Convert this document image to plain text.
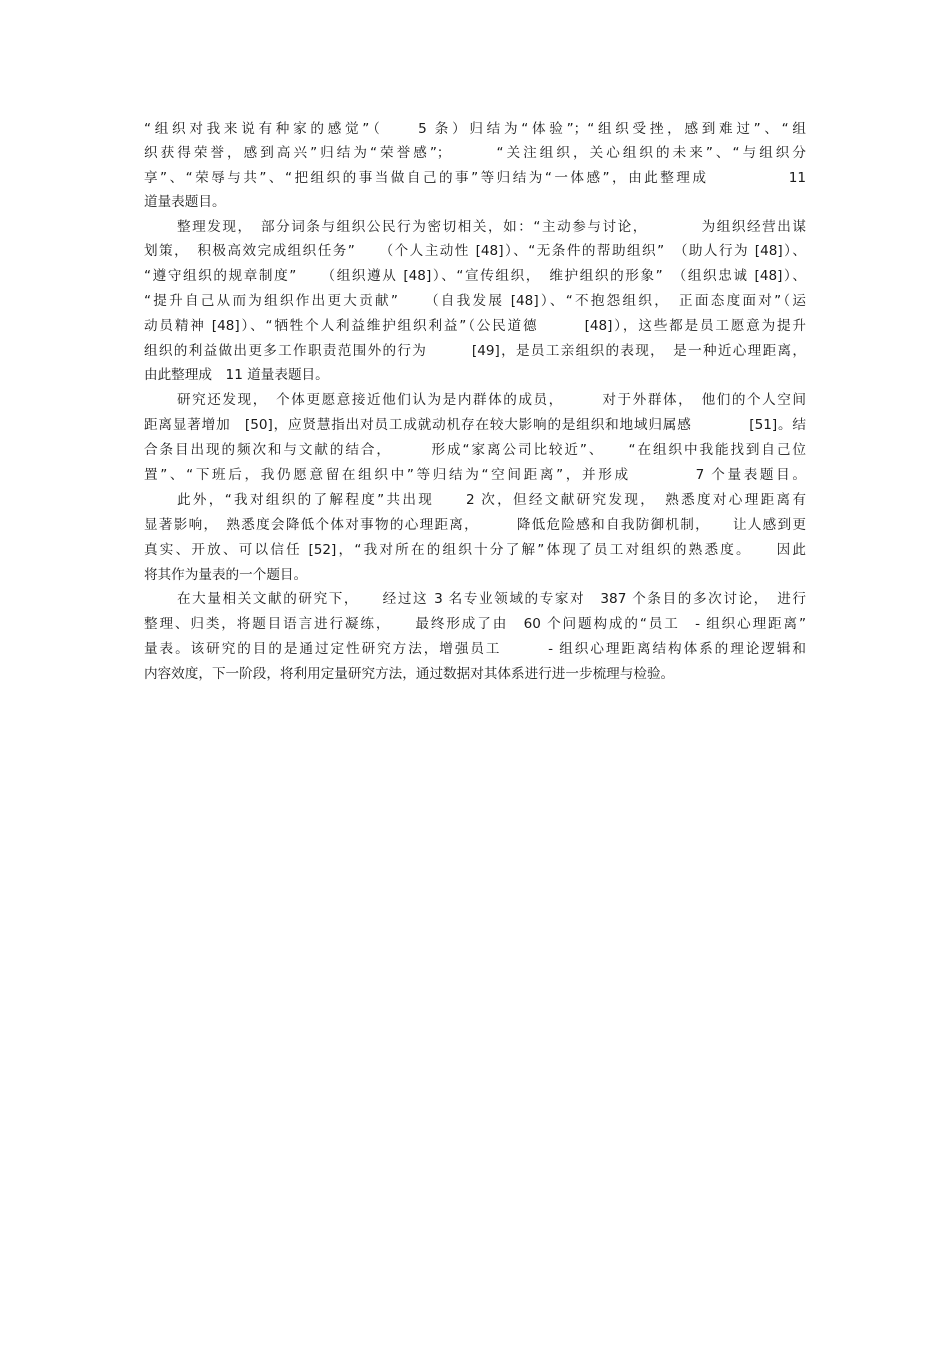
“组织对我来说有种家的感觉”（　　5 条）归结为“体验”；“组织受挫，感到难过”、“组
织获得荣誉，感到高兴”归结为“荣誉感”；　　　“关注组织，关心组织的未来”、“与组织分
享”、“荣辱与共”、“把组织的事当做自己的事”等归结为“一体感”，由此整理成　　　　　11
道量表题目。
整理发现，　部分词条与组织公民行为密切相关，如：“主动参与讨论，　　　　为组织经营出谋
划策，　积极高效完成组织任务”　　（个人主动性 [48]）、“无条件的帮助组织”　（助人行为 [48]）、
“遵守组织的规章制度”　　（组织遵从 [48]）、“宣传组织，　维护组织的形象”　（组织忠诚 [48]）、
“提升自己从而为组织作出更大贡献”　　（自我发展 [48]）、“不抱怨组织，　正面态度面对”（运
动员精神 [48]）、“牺牲个人利益维护组织利益”（公民道德　　　[48]），这些都是员工愿意为提升
组织的利益做出更多工作职责范围外的行为　　　[49]，是员工亲组织的表现，　是一种近心理距离，
由此整理成　11 道量表题目。
研究还发现，　个体更愿意接近他们认为是内群体的成员，　　　对于外群体，　他们的个人空间
距离显著增加　[50]，应贤慧指出对员工成就动机存在较大影响的是组织和地域归属感　　　　[51]。结
合条目出现的频次和与文献的结合，　　　形成“家离公司比较近”、　　“在组织中我能找到自己位
置”、“下班后，我仍愿意留在组织中”等归结为“空间距离”，并形成　　　　7 个量表题目。
此外，“我对组织的了解程度”共出现　　2 次，但经文献研究发现，　熟悉度对心理距离有
显著影响，　熟悉度会降低个体对事物的心理距离，　　　降低危险感和自我防御机制，　　让人感到更
真实、开放、可以信任 [52]，“我对所在的组织十分了解”体现了员工对组织的熟悉度。　　因此
将其作为量表的一个题目。
在大量相关文献的研究下，　　经过这 3 名专业领域的专家对　387 个条目的多次讨论，　进行
整理、归类，将题目语言进行凝练，　　最终形成了由　60 个问题构成的“员工　- 组织心理距离”
量表。该研究的目的是通过定性研究方法，增强员工　　　- 组织心理距离结构体系的理论逻辑和
内容效度，下一阶段，将利用定量研究方法，通过数据对其体系进行进一步梳理与检验。
